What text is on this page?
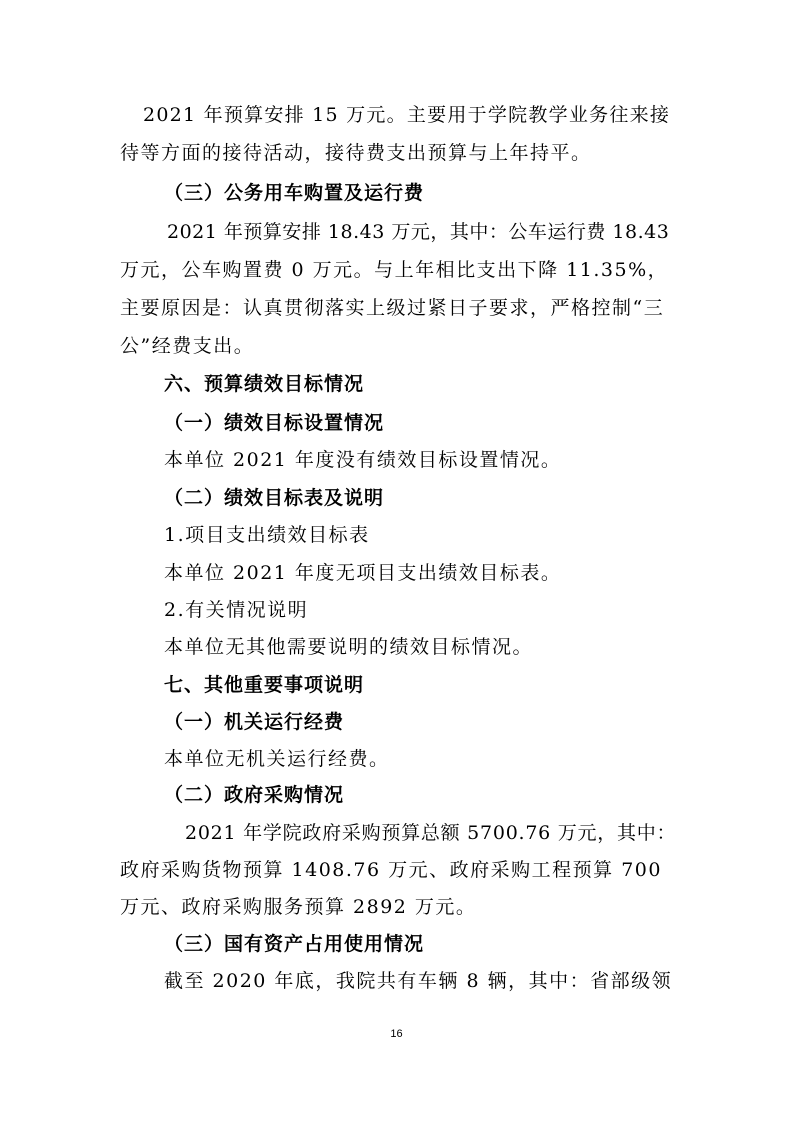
2021 年预算安排 15 万元。主要用于学院教学业务往来接
待等方面的接待活动，接待费支出预算与上年持平。
（三）公务用车购置及运行费
2021 年预算安排 18.43 万元，其中：公车运行费 18.43
万元，公车购置费 0 万元。与上年相比支出下降 11.35%，
主要原因是：认真贯彻落实上级过紧日子要求，严格控制“三
公”经费支出。
六、预算绩效目标情况
（一）绩效目标设置情况
本单位 2021 年度没有绩效目标设置情况。
（二）绩效目标表及说明
1.项目支出绩效目标表
本单位 2021 年度无项目支出绩效目标表。
2.有关情况说明
本单位无其他需要说明的绩效目标情况。
七、其他重要事项说明
（一）机关运行经费
本单位无机关运行经费。
（二）政府采购情况
2021 年学院政府采购预算总额 5700.76 万元，其中：
政府采购货物预算 1408.76 万元、政府采购工程预算 700
万元、政府采购服务预算 2892 万元。
（三）国有资产占用使用情况
截至 2020 年底，我院共有车辆 8 辆，其中：省部级领
16
